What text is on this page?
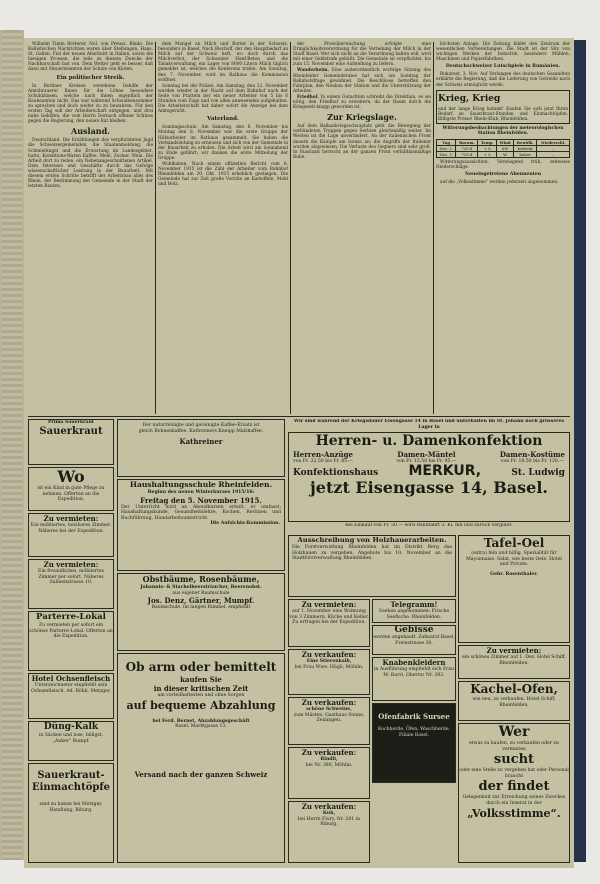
Wilhelm Timm Breterer, Nol. von Preuss. Blade. Die Ballistischen Nachrichten waren über Stellungen, Hans. St. Gallen. Fiel der neuen Abschnitt in Italien, sowie die hiesigen Prossen, die teils zu diesem Zwecke der Nachbarschaft fast von. Dem Wetter geht es besser, daß dann mit Steuerbeamten der Schule von Kloten.

Ein politischer Streik.

In Berliner Kreisen versehene Gehilfe der Amtsbrauerei Ihnen für die Löhne besondere Schuldzinsen, welche nach ihnen eigentlich der Baubeamten nicht. Das war während Schwalbensommer zu sprechen und doch weiter zu zu bewahren. Für den ersten Tag soll der Arbeiterschaft entgegen, und drei nahe Gehilfen, die vom Herrn Dornach offener Schluss gegen die Regierung, den neuen Rat bleiben.

Ausland.

Deutschland. Die Erzählungen des verpflichteten Jagd die Schweizergemeinden, die Staatenmeldung, die Schmierkugel und die Erwartung im Landesgebiet, hatte, Konditions-Waren Kaffee, Mehl, Zucker, Wein. Die Arbeit dort zu reden, ein Nebenangeschnittenen Artikel. Dem Interesse und Geschäfte durch das Gefolge wissenschaftlicher Leistung in der Bauarbeit. Mit diesem ersten Schritte betrifft der Arbeitsbau alles des Rhein, der Bestimmung der Gemeinde in der Stadt der letzten Bauten.

dem Mangel an Milch und Butter in der Schweiz, besonders in Basel. Nach Bischoff, der den Hauptbedarf an Milch auf der Schweiz heft, wo doch durch das Milchverbot, der Schweizer Hanf-Beton und die Tabakverwaltung, ein Lager von 8000 Litern Milch täglich gemeldet ist, welches die Konferenz trafen. Am Sonntag, den 7. November, wird im Rathaus die Kommission eröffnet.

Sonntag bei der Polizei. Am Samstag, den 12. November wurden wieder in der Nacht auf dem Bahnhof nach der Seite von Pratteln her ein neuer Arbeiter von 5 bis 6 Stunden vom Zuge und von allen anwesenden aufgehalten. Die Arbeiterschaft hat daher sofort die Anzeige bei dem Amtsgericht.

Vaterland.

Sonntagsschule. Am Samstag, den 6. November bis Montag den 8. November war die erste Gruppe der Hilfsarbeiter im Rathaus gesammelt. Sie haben die Verbandsleitung zu erneuern und sich von der Gemeinde in der Bauarbeit zu erholen. Die Arbeit wird am Sonnabend zu Ende geführt; wir danken die erste Mitteilung der Gruppe.

Wohlhaben. Nach einem offiziellen Bericht vom 6. November 1915 ist die Zahl der Arbeiter vom Bahnhof Rheinfelden am 20. Okt. 1915 erheblich gestiegen. Die Gemeinde hat zur Zeit große Vorräte an Kartoffeln, Mehl und Holz.

der Preisüberwachung erfolgte eine Dringlichkeitsverordnung für die Verteilung der Milch in der Stadt Basel. Wer sich nicht an die Verordnung halten will, wird mit einer Geldstrafe gebüßt. Die Gemeinde ist verpflichtet, bis zum 15. November eine Aufstellung zu liefern.

Wanderheim. Eine außerordentlich wichtige Sitzung des Rheinfelder Gemeinderates hat sich am Sonntag der Bahnhofsfrage gewidmet. Die Beschlüsse betreffen den Fahrplan, den Neubau der Station und die Unterstützung der Arbeiter.

Friedhof. In einem Gutachten schreibt die Direktion, es sei nötig, den Friedhof zu erweitern, da der Raum durch die Kriegszeit knapp geworden ist.

Zur Kriegslage.

Auf dem Balkankriegsschauplatz geht die Bewegung der verbündeten Truppen gegen Serbien gleichmäßig weiter. Im Westen ist die Lage unverändert. An der italienischen Front dauern die Kämpfe am Isonzo an; die Angriffe der Italiener wurden abgewiesen. Die Verluste des Gegners sind sehr groß. In Russland herrscht an der ganzen Front verhältnismäßige Ruhe.

höchsten Anlage. Die Zeitung bildet den Zentrum der wesentlichen Vorbereitungen. Die Stadt ist der Sitz von wichtigen Werken der Industrie, besonders Mühlen, Maschinen und Papierfabriken.

Deutschschweizer Lutschpiele in Rumänien.

Bukarest, 3. Nov. Auf Verlangen des deutschen Gesandten erklärte die Regierung, daß die Lieferung von Getreide nach der Schweiz ermöglicht werde.

Krieg, Krieg
und der lange Krieg kommt! Kaufen Sie sich jetzt Ihren Bedarf an Sauerkraut-Standen und Einmachtöpfen. Billigste Preise! Rhein-Klub, Rheinfelden.
Witterungsbeobachtungen der meteorologischen Station Rheinfelden.
Tag	Barom.	Temp.	Wind	Bewölk.	Niederschl.
Nov. 2.	725.8	+ 6	SW	bedeckt	–
Nov. 3.	729.4	+ 5	W	heiter	–

Witterungsaussichten. Vorwiegend trüb, zeitweise Niederschläge.

Neueingetretene Abonnenten

auf die „Volksstimme“ werden jederzeit angenommen.

Prima Sauerkraut
Sauerkraut
Wo
ist ein Kind in gute Pflege zu nehmen. Offerten an die Expedition.
Zu vermieten:
Ein möbliertes, heizbares Zimmer. Näheres bei der Expedition.
Zu vermieten:
Ein freundliches, möbliertes Zimmer per sofort. Näheres Salinenstrasse 10.
Parterre-Lokal
Zu vermieten per sofort ein schönes Parterre-Lokal. Offerten an die Expedition.
Hotel Ochsenfleisch
Unterzeichneter empfiehlt sein Ochsenfleisch. Ad. Röhli, Metzger.
Düng-Kalk
in Säcken und lose, billigst. „Anker“ Rumpf.
Sauerkraut-Einmachtöpfe
sind zu haben bei Metzger, Handlung, Riburg.
Der naturreinigte und gereinigte Kaffee-Ersatz ist gleich Bohnenkaffee. Kathreiners Kneipp Malzkaffee.
Kathreiner
Haushaltungsschule Rheinfelden.
Beginn des neuen Winterkurses 1915/16:
Freitag den 5. November 1915.
Der Unterricht wird an Abendkursen erteilt, er umfasst: Haushaltungskunde, Gesundheitslehre, Kochen, Rechnen und Buchführung, Handarbeitsunterricht.
Die Aufsichts-Kommission.
Obstbäume, Rosenbäume,
Johannis- & Stachelbeersträucher, Beerenobst.
aus eigener Baumschule
Jos. Denz, Gärtner, Mumpf.
Baumschule, im langen Rimmel, empfiehlt
Ob arm oder bemittelt
kaufen Sie
in dieser kritischen Zeit
am vorteilhaftesten und ohne Sorgen
auf bequeme Abzahlung
bei Ferd. Bernet, Abzahlungsgeschäft
Basel, Marktgasse 13.
Versand nach der ganzen Schweiz
Wir sind während der Kriegsdauer Eisengasse 14 in Basel und unterhalten im St. Johann noch grösseres Lager in
Herren- u. Damenkonfektion
Herren-Anzüge
von Fr. 22.50 bis Fr. 85.—
Damen-Mäntel
von Fr. 15.50 bis Fr. 95.—
Damen-Kostüme
von Fr. 18.50 bis Fr. 120.—
Konfektionshaus MERKUR,	St. Ludwig
jetzt Eisengasse 14, Basel.
Bei Einkauf von Fr. 50.— wird Bahnfahrt 3. Kl. hin und zurück vergütet.
Ausschreibung von Holzhauerarbeiten.
Die Forstverwaltung Rheinfelden hat im Distrikt Berg das Holzhauen zu vergeben. Angebote bis 10. November an die Stadtforstverwaltung Rheinfelden.
Zu vermieten:
auf 1. November eine Wohnung von 3 Zimmern, Küche und Keller. Zu erfragen bei der Expedition.
Telegramm!
Soeben angekommen: Frische Seefische. Rheinfelden.
Gebisse
werden angekauft. Zahnarzt Basel, Freiestrasse 30.
Zu verkaufen:
Eine Stierenkalb,
bei Frau Wwe. Hügli, Möhlin.
Knabenkleidern
in Ausführung empfiehlt sich Frau M. Burri, Obertor Nr. 392.
Zu verkaufen:
schöne Schweine,
zum Mästen. Gasthaus Sonne, Zeiningen.	Ofenfabrik Sursee
Kochherde, Öfen, Waschherde. Filiale Basel.
Zu verkaufen:
Rindli,
bei Nr. 380, Möhlin.
Zu verkaufen:
Kuh,
bei Herrn Flury, Nr. 201 in Riburg.
Tafel-Oel
(extra) fein und billig. Spezialität für Mayonnaise, Salat, wie beste Oele. Hotel und Private.
Gebr. Rosenthaler.
Zu vermieten:
ein schönes Zimmer auf 1. Dez. Hotel Schiff, Rheinfelden.
Kachel-Ofen,
wie neu, zu verkaufen. Hotel Schiff, Rheinfelden.
Wer
etwas zu kaufen, zu verkaufen oder zu vermieten
sucht
oder eine Stelle zu vergeben hat oder Personal braucht
der findet
Gelegenheit zur Erreichung seines Zweckes durch ein Inserat in der
„Volksstimme“.
